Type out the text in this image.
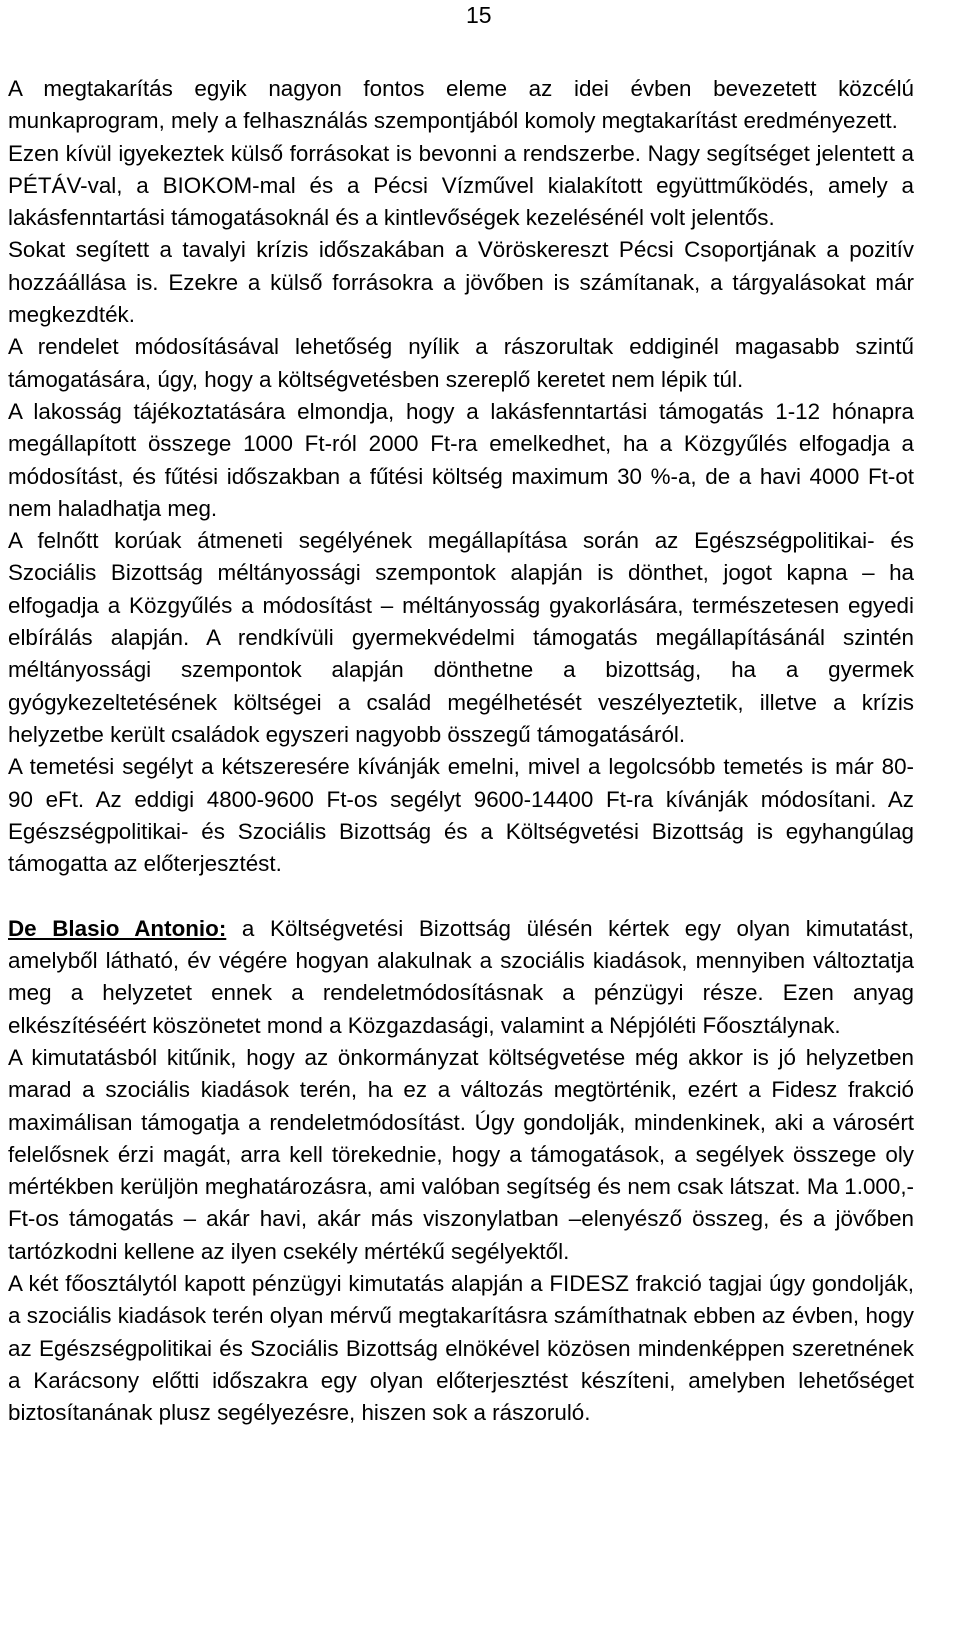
15

A megtakarítás egyik nagyon fontos eleme az idei évben bevezetett közcélú munkaprogram, mely a felhasználás szempontjából komoly megtakarítást eredményezett.

Ezen kívül igyekeztek külső forrásokat is bevonni a rendszerbe. Nagy segítséget jelentett a PÉTÁV-val, a BIOKOM-mal és a Pécsi Vízművel kialakított együttműködés, amely a lakásfenntartási támogatásoknál és a kintlevőségek kezelésénél volt jelentős.

Sokat segített a tavalyi krízis időszakában a Vöröskereszt Pécsi Csoportjának a pozitív hozzáállása is. Ezekre a külső forrásokra a jövőben is számítanak, a tárgyalásokat már megkezdték.

A rendelet módosításával lehetőség nyílik a rászorultak eddiginél magasabb szintű támogatására, úgy, hogy a költségvetésben szereplő keretet nem lépik túl.

A lakosság tájékoztatására elmondja, hogy a lakásfenntartási támogatás 1-12 hónapra megállapított összege 1000 Ft-ról 2000 Ft-ra emelkedhet, ha a Közgyűlés elfogadja a módosítást, és fűtési időszakban a fűtési költség maximum 30 %-a, de a havi 4000 Ft-ot nem haladhatja meg.

A felnőtt korúak átmeneti segélyének megállapítása során az Egészségpolitikai- és Szociális Bizottság méltányossági szempontok alapján is dönthet, jogot kapna – ha elfogadja a Közgyűlés a módosítást – méltányosság gyakorlására, természetesen egyedi elbírálás alapján. A rendkívüli gyermekvédelmi támogatás megállapításánál szintén méltányossági szempontok alapján dönthetne a bizottság, ha a gyermek gyógykezeltetésének költségei a család megélhetését veszélyeztetik, illetve a krízis helyzetbe került családok egyszeri nagyobb összegű támogatásáról.

A temetési segélyt a kétszeresére kívánják emelni, mivel a legolcsóbb temetés is már 80-90 eFt. Az eddigi 4800-9600 Ft-os segélyt 9600-14400 Ft-ra kívánják módosítani. Az Egészségpolitikai- és Szociális Bizottság és a Költségvetési Bizottság is egyhangúlag támogatta az előterjesztést.

De Blasio Antonio: a Költségvetési Bizottság ülésén kértek egy olyan kimutatást, amelyből látható, év végére hogyan alakulnak a szociális kiadások, mennyiben változtatja meg a helyzetet ennek a rendeletmódosításnak a pénzügyi része. Ezen anyag elkészítéséért köszönetet mond a Közgazdasági, valamint a Népjóléti Főosztálynak.

A kimutatásból kitűnik, hogy az önkormányzat költségvetése még akkor is jó helyzetben marad a szociális kiadások terén, ha ez a változás megtörténik, ezért a Fidesz frakció maximálisan támogatja a rendeletmódosítást. Úgy gondolják, mindenkinek, aki a városért felelősnek érzi magát, arra kell törekednie, hogy a támogatások, a segélyek összege oly mértékben kerüljön meghatározásra, ami valóban segítség és nem csak látszat. Ma 1.000,- Ft-os támogatás – akár havi, akár más viszonylatban –elenyésző összeg, és a jövőben tartózkodni kellene az ilyen csekély mértékű segélyektől.

A két főosztálytól kapott pénzügyi kimutatás alapján a FIDESZ frakció tagjai úgy gondolják, a szociális kiadások terén olyan mérvű megtakarításra számíthatnak ebben az évben, hogy az Egészségpolitikai és Szociális Bizottság elnökével közösen mindenképpen szeretnének a Karácsony előtti időszakra egy olyan előterjesztést készíteni, amelyben lehetőséget biztosítanának plusz segélyezésre, hiszen sok a rászoruló.
